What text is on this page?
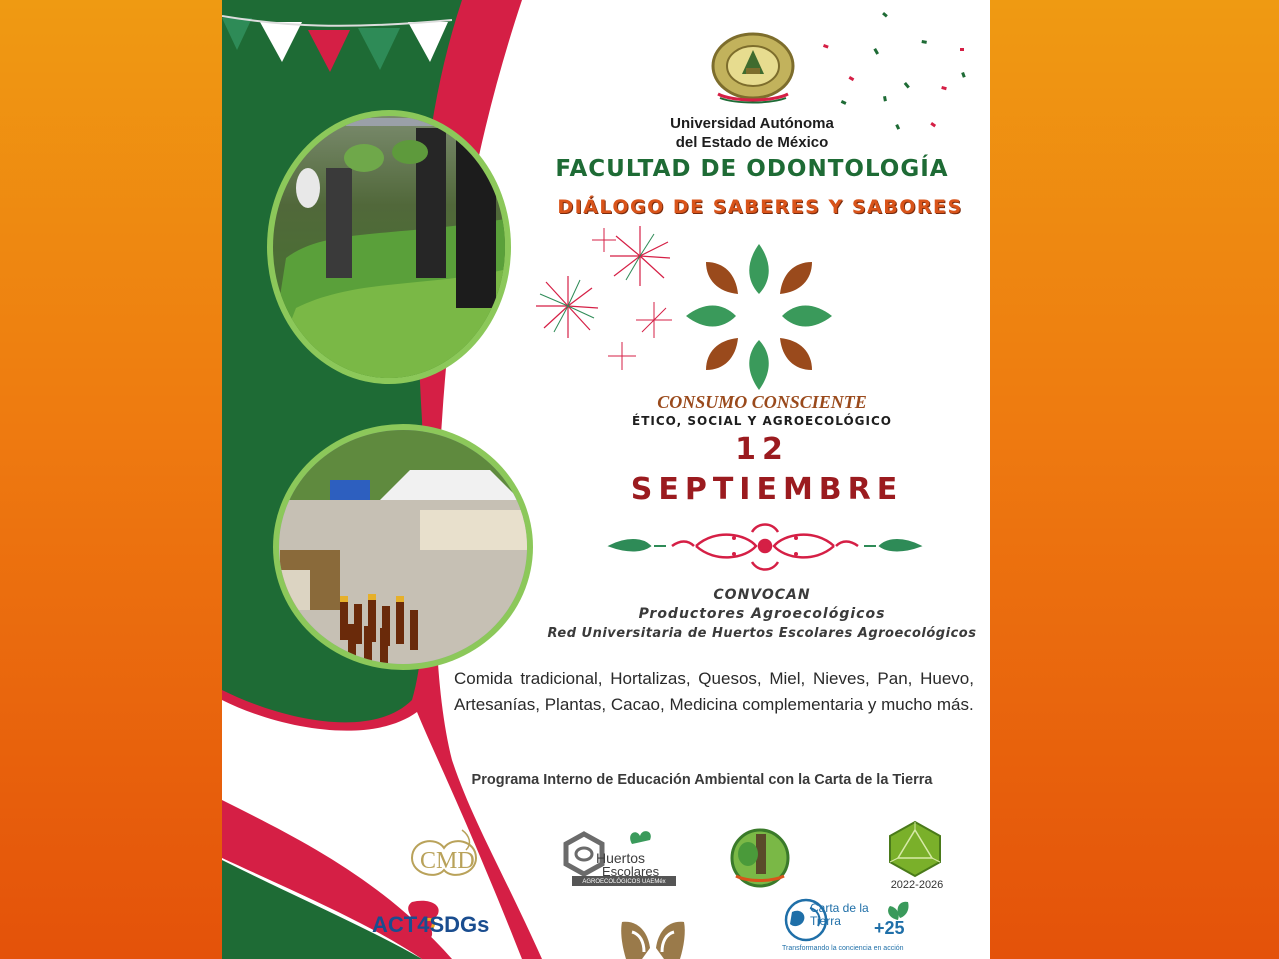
Universidad Autónoma
del Estado de México
FACULTAD DE ODONTOLOGÍA
DIÁLOGO DE SABERES Y SABORES
CONSUMO CONSCIENTE
ÉTICO, SOCIAL Y AGROECOLÓGICO
12
SEPTIEMBRE
CONVOCAN
Productores Agroecológicos
Red Universitaria de Huertos Escolares Agroecológicos
Comida tradicional, Hortalizas, Quesos, Miel, Nieves, Pan, Huevo, Artesanías, Plantas, Cacao, Medicina complementaria y mucho más.
Programa Interno de Educación Ambiental con la Carta de la Tierra
CMD	Huertos
Escolares
AGROECOLÓGICOS UAEMéx	2022-2026
ACT4SDGs
Carta de la Tierra	+25
Transformando la conciencia en acción
